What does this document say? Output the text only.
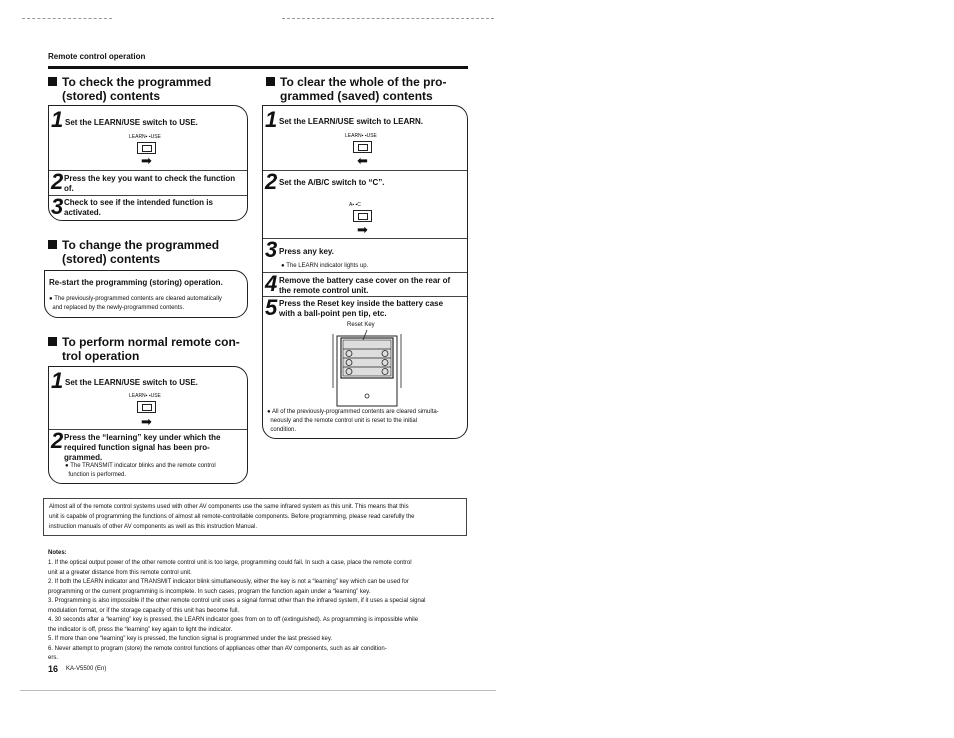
Remote control operation
To check the programmed
(stored) contents
1 Set the LEARN/USE switch to USE.
LEARN▪ ▪USE
➡
2 Press the key you want to check the function
of.
3 Check to see if the intended function is
activated.
To change the programmed
(stored) contents
Re-start the programming (storing) operation.
● The previously-programmed contents are cleared automatically
and replaced by the newly-programmed contents.
To perform normal remote con-
trol operation
1 Set the LEARN/USE switch to USE.
LEARN▪ ▪USE
➡
2 Press the “learning” key under which the
required function signal has been pro-
grammed.
● The TRANSMIT indicator blinks and the remote control
function is performed.
To clear the whole of the pro-
grammed (saved) contents
1 Set the LEARN/USE switch to LEARN.
LEARN▪ ▪USE
⬅
2 Set the A/B/C switch to “C”.
A▪ ▪C
➡
3 Press any key.
● The LEARN indicator lights up.
4 Remove the battery case cover on the rear of
the remote control unit.
5 Press the Reset key inside the battery case
with a ball-point pen tip, etc.
Reset Key
● All of the previously-programmed contents are cleared simulta-
neously and the remote control unit is reset to the initial
condition.

Almost all of the remote control systems used with other AV components use the same infrared system as this unit. This means that this
unit is capable of programming the functions of almost all remote-controllable components. Before programming, please read carefully the
instruction manuals of other AV components as well as this instruction Manual.

Notes:
1. If the optical output power of the other remote control unit is too large, programming could fail. In such a case, place the remote control
unit at a greater distance from this remote control unit.
2. If both the LEARN indicator and TRANSMIT indicator blink simultaneously, either the key is not a “learning” key which can be used for
programming or the current programming is incomplete. In such cases, program the function again under a “learning” key.
3. Programming is also impossible if the other remote control unit uses a signal format other than the infrared system, if it uses a special signal
modulation format, or if the storage capacity of this unit has become full.
4. 30 seconds after a “learning” key is pressed, the LEARN indicator goes from on to off (extinguished). As programming is impossible while
the indicator is off, press the “learning” key again to light the indicator.
5. If more than one “learning” key is pressed, the function signal is programmed under the last pressed key.
6. Never attempt to program (store) the remote control functions of appliances other than AV components, such as air condition-
ers.
16 KA-V5500 (En)
